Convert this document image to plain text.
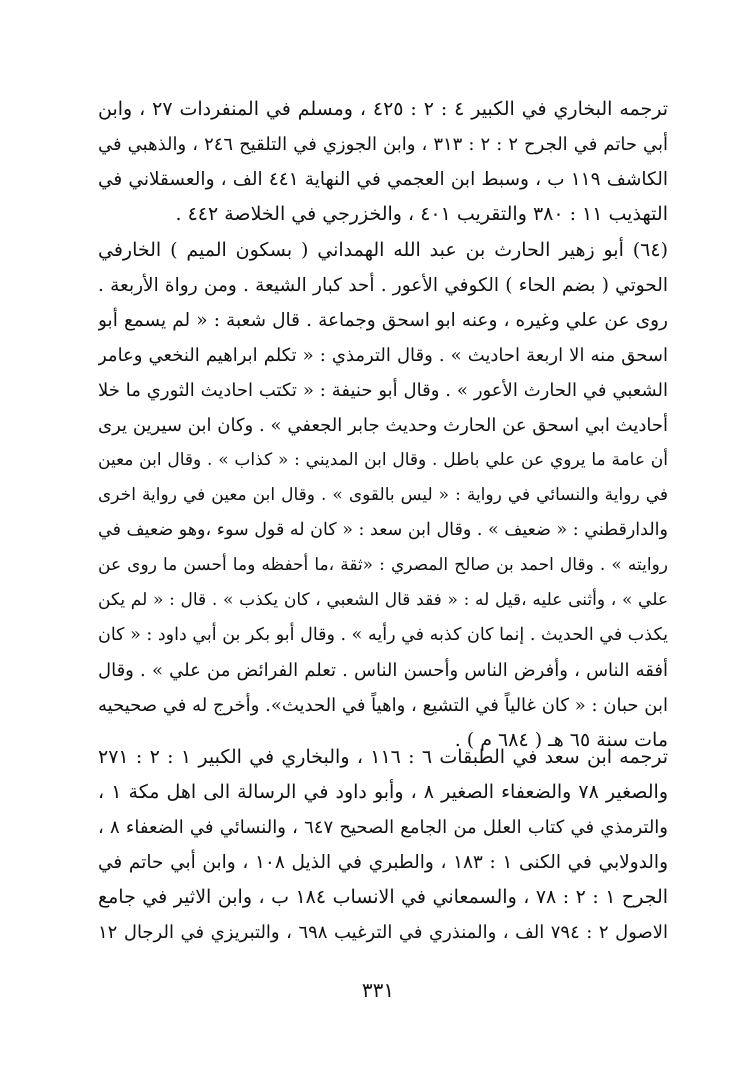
ترجمه البخاري في الكبير ٤ : ٢ : ٤٢٥ ، ومسلم في المنفردات ٢٧ ، وابن
أبي حاتم في الجرح ٢ : ٢ : ٣١٣ ، وابن الجوزي في التلقيح ٢٤٦ ، والذهبي في
الكاشف ١١٩ ب ، وسبط ابن العجمي في النهاية ٤٤١ الف ، والعسقلاني في
التهذيب ١١ : ٣٨٠ والتقريب ٤٠١ ، والخزرجي في الخلاصة ٤٤٢ .
(٦٤) أبو زهير الحارث بن عبد الله الهمداني ( بسكون الميم ) الخارفي
الحوتي ( بضم الحاء ) الكوفي الأعور . أحد كبار الشيعة . ومن رواة الأربعة .
روى عن علي وغيره ، وعنه ابو اسحق وجماعة . قال شعبة : « لم يسمع أبو
اسحق منه الا اربعة احاديث » . وقال الترمذي : « تكلم ابراهيم النخعي وعامر
الشعبي في الحارث الأعور » . وقال أبو حنيفة : « تكتب احاديث الثوري ما خلا
أحاديث ابي اسحق عن الحارث وحديث جابر الجعفي » . وكان ابن سيرين يرى
أن عامة ما يروي عن علي باطل . وقال ابن المديني : « كذاب » . وقال ابن معين
في رواية والنسائي في رواية : « ليس بالقوى » . وقال ابن معين في رواية اخرى
والدارقطني : « ضعيف » . وقال ابن سعد : « كان له قول سوء ،وهو ضعيف في
روايته » . وقال احمد بن صالح المصري : «ثقة ،ما أحفظه وما أحسن ما روى عن
علي » ، وأثنى عليه ،قيل له : « فقد قال الشعبي ، كان يكذب » . قال : « لم يكن
يكذب في الحديث . إنما كان كذبه في رأيه » . وقال أبو بكر بن أبي داود : « كان
أفقه الناس ، وأفرض الناس وأحسن الناس . تعلم الفرائض من علي » . وقال
ابن حبان : « كان غالياً في التشيع ، واهياً في الحديث». وأخرج له في صحيحيه
مات سنة ٦٥ هـ ( ٦٨٤ م ) .
ترجمه ابن سعد في الطبقات ٦ : ١١٦ ، والبخاري في الكبير ١ : ٢ : ٢٧١
والصغير ٧٨ والضعفاء الصغير ٨ ، وأبو داود في الرسالة الى اهل مكة ١ ،
والترمذي في كتاب العلل من الجامع الصحيح ٦٤٧ ، والنسائي في الضعفاء ٨ ،
والدولابي في الكنى ١ : ١٨٣ ، والطبري في الذيل ١٠٨ ، وابن أبي حاتم في
الجرح ١ : ٢ : ٧٨ ، والسمعاني في الانساب ١٨٤ ب ، وابن الاثير في جامع
الاصول ٢ : ٧٩٤ الف ، والمنذري في الترغيب ٦٩٨ ، والتبريزي في الرجال ١٢
٣٣١
